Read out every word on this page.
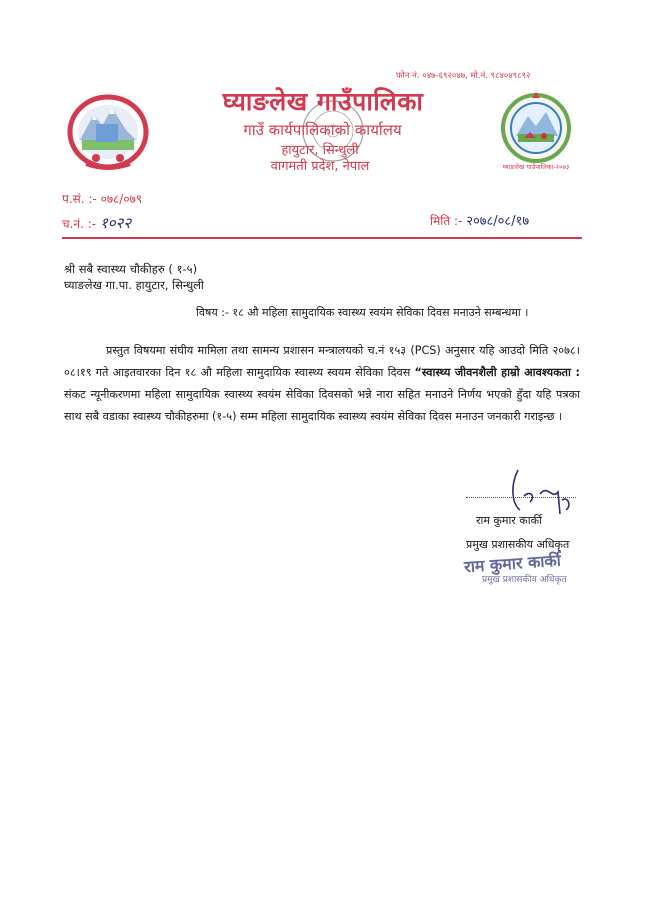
घ्याङलेख गाउँपालिका-२०७३
फोन नं. ०४७-६९२०४७, मो.नं. ९८४०४९८९२
घ्याङलेख गाउँपालिका
गाउँ कार्यपालिकाको कार्यालय
हायुटार, सिन्धुली
वागमती प्रदेश, नेपाल
प.सं. :- ०७८/०७९
च.नं. :- १०२२	मिति :- २०७८/०८/१७
श्री सबै स्वास्थ्य चौकीहरु ( १-५)
घ्याङलेख गा.पा. हायुटार, सिन्धुली
विषय :- १८ औ महिला सामुदायिक स्वास्थ्य स्वयंम सेविका दिवस मनाउने सम्बन्धमा ।

प्रस्तुत विषयमा संघीय मामिला तथा सामन्य प्रशासन मन्त्रालयको च.नं १५३ (PCS) अनुसार यहि आउदो मिति २०७८।०८।१९ गते आइतवारका दिन १८ औ महिला सामुदायिक स्वास्थ्य स्वयम सेविका दिवस “स्वास्थ्य जीवनशैली हाम्रो आवश्यकता : संकट न्यूनीकरणमा महिला सामुदायिक स्वास्थ्य स्वयंम सेविका दिवसको भन्ने नारा सहित मनाउने निर्णय भएको हुँदा यहि पत्रका साथ सबै वडाका स्वास्थ्य चौकीहरुमा (१-५) सम्म महिला सामुदायिक स्वास्थ्य स्वयंम सेविका दिवस मनाउन जनकारी गराइन्छ ।

राम कुमार कार्की
प्रमुख प्रशासकीय अधिकृत
राम कुमार कार्की
प्रमुख प्रशासकीय अधिकृत
